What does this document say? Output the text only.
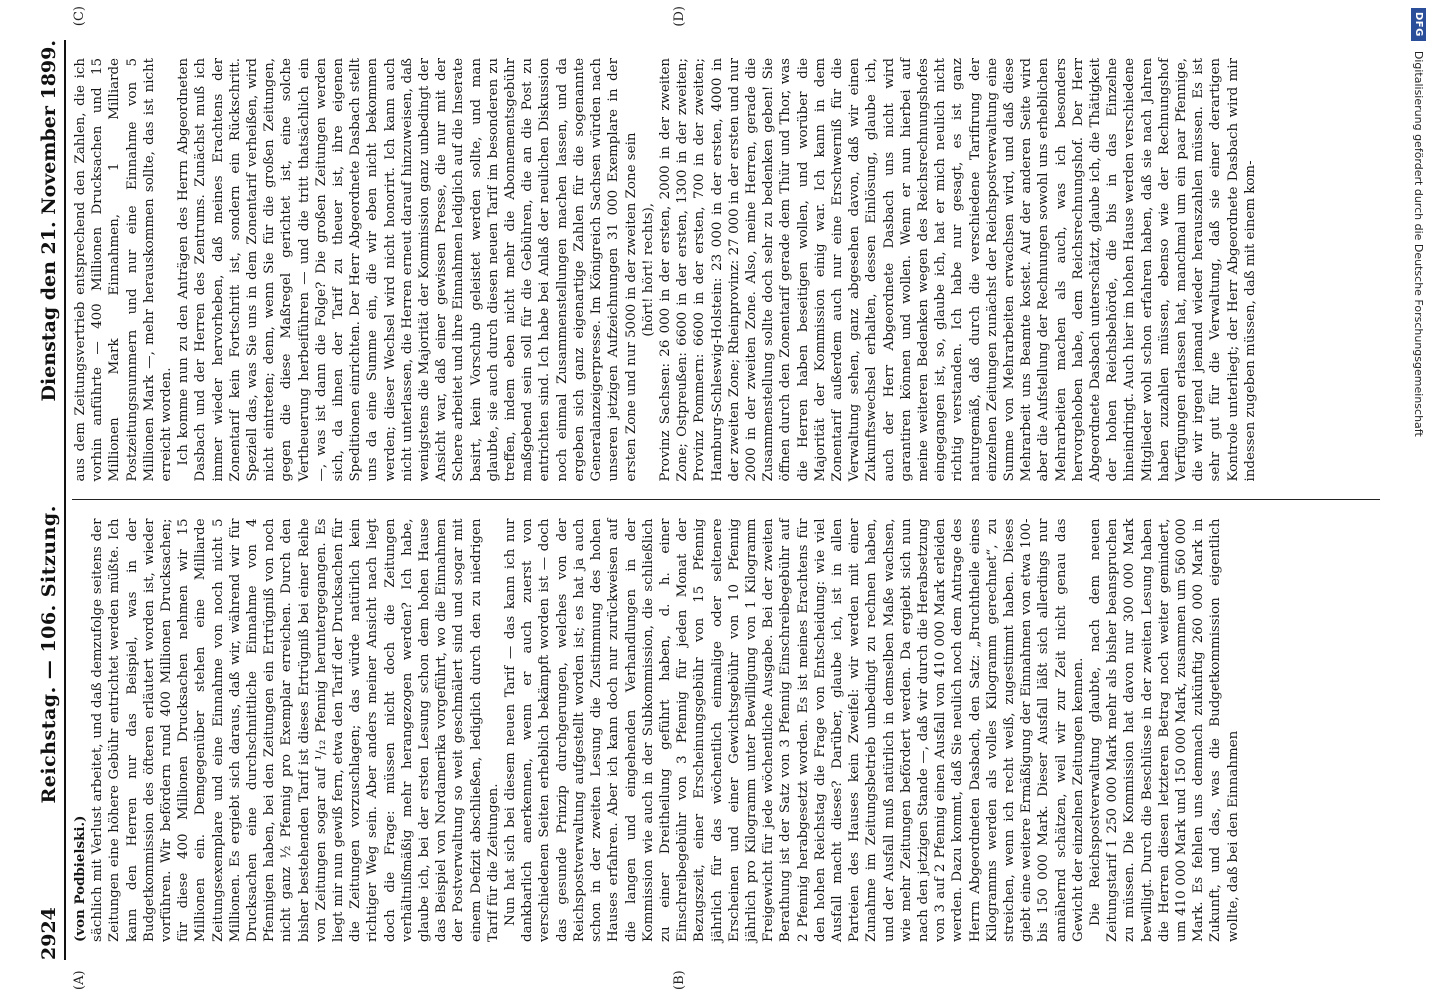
2924
Reichstag. — 106. Sitzung.
Dienstag den 21. November 1899.
(A)	(B)
(von Podbielski.) sächlich mit Verlust arbeitet, und daß demzufolge seitens der Zeitungen eine höhere Gebühr entrichtet werden müßte. Ich kann den Herren nur das Beispiel, was in der Budgetkommission des öfteren erläutert worden ist, wieder vorführen. Wir befördern rund 400 Millionen Drucksachen; für diese 400 Millionen Drucksachen nehmen wir 15 Millionen ein. Demgegenüber stehen eine Milliarde Zeitungsexemplare und eine Einnahme von noch nicht 5 Millionen. Es ergiebt sich daraus, daß wir, während wir für Drucksachen eine durchschnittliche Einnahme von 4 Pfennigen haben, bei den Zeitungen ein Ertrügniß von noch nicht ganz ½ Pfennig pro Exemplar erreichen. Durch den bisher bestehenden Tarif ist dieses Ertrügniß bei einer Reihe von Zeitungen sogar auf ¹/₁₂ Pfennig heruntergegangen. Es liegt mir nun gewiß fern, etwa den Tarif der Drucksachen für die Zeitungen vorzuschlagen; das würde natürlich kein richtiger Weg sein. Aber anders meiner Ansicht nach liegt doch die Frage: müssen nicht doch die Zeitungen verhältnißmäßig mehr herangezogen werden? Ich habe, glaube ich, bei der ersten Lesung schon dem hohen Hause das Beispiel von Nordamerika vorgeführt, wo die Einnahmen der Postverwaltung so weit geschmälert sind und sogar mit einem Defizit abschließen, lediglich durch den zu niedrigen Tarif für die Zeitungen. Nun hat sich bei diesem neuen Tarif — das kann ich nur dankbarlich anerkennen, wenn er auch zuerst von verschiedenen Seiten erheblich bekämpft worden ist — doch das gesunde Prinzip durchgerungen, welches von der Reichspostverwaltung aufgestellt worden ist; es hat ja auch schon in der zweiten Lesung die Zustimmung des hohen Hauses erfahren. Aber ich kann doch nur zurückweisen auf die langen und eingehenden Verhandlungen in der Kommission wie auch in der Subkommission, die schließlich zu einer Dreitheilung geführt haben, d. h. einer Einschreibegebühr von 3 Pfennig für jeden Monat der Bezugszeit, einer Erscheinungsgebühr von 15 Pfennig jährlich für das wöchentlich einmalige oder seltenere Erscheinen und einer Gewichtsgebühr von 10 Pfennig jährlich pro Kilogramm unter Bewilligung von 1 Kilogramm Freigewicht für jede wöchentliche Ausgabe. Bei der zweiten Berathung ist der Satz von 3 Pfennig Einschreibegebühr auf 2 Pfennig herabgesetzt worden. Es ist meines Erachtens für den hohen Reichstag die Frage von Entscheidung: wie viel Ausfall macht dieses? Darüber, glaube ich, ist in allen Parteien des Hauses kein Zweifel: wir werden mit einer Zunahme im Zeitungsbetrieb unbedingt zu rechnen haben, und der Ausfall muß natürlich in demselben Maße wachsen, wie mehr Zeitungen befördert werden. Da ergiebt sich nun nach den jetzigen Stande —, daß wir durch die Herabsetzung von 3 auf 2 Pfennig einen Ausfall von 410 000 Mark erleiden werden. Dazu kommt, daß Sie neulich noch dem Antrage des Herrn Abgeordneten Dasbach, den Satz: „Bruchtheile eines Kilogramms werden als volles Kilogramm gerechnet“, zu streichen, wenn ich recht weiß, zugestimmt haben. Dieses giebt eine weitere Ermäßigung der Einnahmen von etwa 100- bis 150 000 Mark. Dieser Ausfall läßt sich allerdings nur annähernd schätzen, weil wir zur Zeit nicht genau das Gewicht der einzelnen Zeitungen kennen. Die Reichspostverwaltung glaubte, nach dem neuen Zeitungstarif 1 250 000 Mark mehr als bisher beanspruchen zu müssen. Die Kommission hat davon nur 300 000 Mark bewilligt. Durch die Beschlüsse in der zweiten Lesung haben die Herren diesen letzteren Betrag noch weiter gemindert, um 410 000 Mark und 150 000 Mark, zusammen um 560 000 Mark. Es fehlen uns demnach zukünftig 260 000 Mark in Zukunft, und das, was die Budgetkommission eigentlich wollte, daß bei den Einnahmen

(C)	(D)

aus dem Zeitungsvertrieb entsprechend den Zahlen, die ich vorhin anführte — 400 Millionen Drucksachen und 15 Millionen Mark Einnahmen, 1 Milliarde Postzeitungsnummern und nur eine Einnahme von 5 Millionen Mark —, mehr herauskommen sollte, das ist nicht erreicht worden. Ich komme nun zu den Anträgen des Herrn Abgeordneten Dasbach und der Herren des Zentrums. Zunächst muß ich immer wieder hervorheben, daß meines Erachtens der Zonentarif kein Fortschritt ist, sondern ein Rückschritt. Speziell das, was Sie uns in dem Zonentarif verheißen, wird nicht eintreten; denn, wenn Sie für die großen Zeitungen, gegen die diese Maßregel gerichtet ist, eine solche Vertheuerung herbeiführen — und die tritt thatsächlich ein —, was ist dann die Folge? Die großen Zeitungen werden sich, da ihnen der Tarif zu theuer ist, ihre eigenen Speditionen einrichten. Der Herr Abgeordnete Dasbach stellt uns da eine Summe ein, die wir eben nicht bekommen werden; dieser Wechsel wird nicht honorirt. Ich kann auch nicht unterlassen, die Herren erneut darauf hinzuweisen, daß wenigstens die Majorität der Kommission ganz unbedingt der Ansicht war, daß einer gewissen Presse, die nur mit der Schere arbeitet und ihre Einnahmen lediglich auf die Inserate basirt, kein Vorschub geleistet werden sollte, und man glaubte, sie auch durch diesen neuen Tarif im besonderen zu treffen, indem eben nicht mehr die Abonnementsgebühr maßgebend sein soll für die Gebühren, die an die Post zu entrichten sind. Ich habe bei Anlaß der neulichen Diskussion noch einmal Zusammenstellungen machen lassen, und da ergeben sich ganz eigenartige Zahlen für die sogenannte Generalanzeigerpresse. Im Königreich Sachsen würden nach unseren jetzigen Aufzeichnungen 31 000 Exemplare in der ersten Zone und nur 5000 in der zweiten Zone sein (hört! hört! rechts), Provinz Sachsen: 26 000 in der ersten, 2000 in der zweiten Zone; Ostpreußen: 6600 in der ersten, 1300 in der zweiten; Provinz Pommern: 6600 in der ersten, 700 in der zweiten; Hamburg-Schleswig-Holstein: 23 000 in der ersten, 4000 in der zweiten Zone; Rheinprovinz: 27 000 in der ersten und nur 2000 in der zweiten Zone. Also, meine Herren, gerade die Zusammenstellung sollte doch sehr zu bedenken geben! Sie öffnen durch den Zonentarif gerade dem Thür und Thor, was die Herren haben beseitigen wollen, und worüber die Majorität der Kommission einig war. Ich kann in dem Zonentarif außerdem auch nur eine Erschwerniß für die Verwaltung sehen, ganz abgesehen davon, daß wir einen Zukunftswechsel erhalten, dessen Einlösung, glaube ich, auch der Herr Abgeordnete Dasbach uns nicht wird garantiren können und wollen. Wenn er nun hierbei auf meine weiteren Bedenken wegen des Reichsrechnungshofes eingegangen ist, so, glaube ich, hat er mich neulich nicht richtig verstanden. Ich habe nur gesagt, es ist ganz naturgemäß, daß durch die verschiedene Tarifirung der einzelnen Zeitungen zunächst der Reichspostverwaltung eine Summe von Mehrarbeiten erwachsen wird, und daß diese Mehrarbeit uns Beamte kostet. Auf der anderen Seite wird aber die Aufstellung der Rechnungen sowohl uns erheblichen Mehrarbeiten machen als auch, was ich besonders hervorgehoben habe, dem Reichsrechnungshof. Der Herr Abgeordnete Dasbach unterschätzt, glaube ich, die Thätigkeit der hohen Reichsbehörde, die bis in das Einzelne hineindringt. Auch hier im hohen Hause werden verschiedene Mitglieder wohl schon erfahren haben, daß sie nach Jahren haben zuzahlen müssen, ebenso wie der Rechnungshof Verfügungen erlassen hat, manchmal um ein paar Pfennige, die wir irgend jemand wieder herauszahlen müssen. Es ist sehr gut für die Verwaltung, daß sie einer derartigen Kontrole unterliegt; der Herr Abgeordnete Dasbach wird mir indessen zugeben müssen, daß mit einem kom-

DFG
Digitalisierung gefördert durch die Deutsche Forschungsgemeinschaft
